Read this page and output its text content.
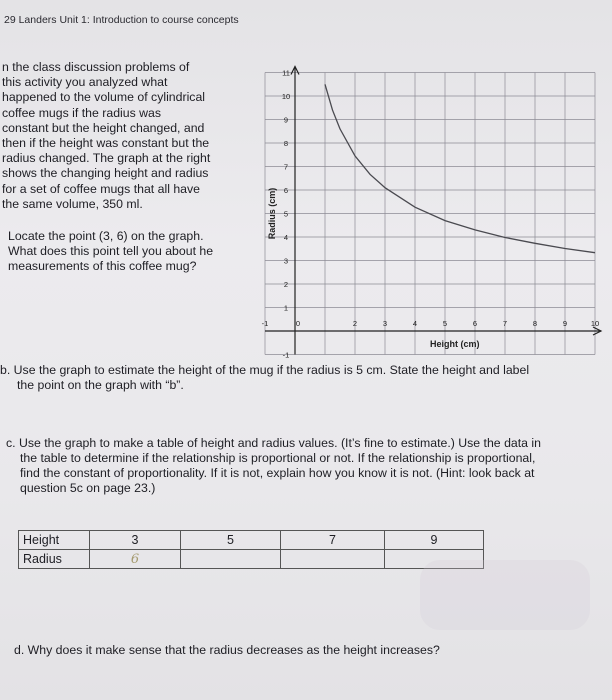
29 Landers Unit 1: Introduction to course concepts
n the class discussion problems of
this activity you analyzed what
happened to the volume of cylindrical
coffee mugs if the radius was
constant but the height changed, and
then if the height was constant but the
radius changed. The graph at the right
shows the changing height and radius
for a set of coffee mugs that all have
the same volume, 350 ml.
Locate the point (3, 6) on the graph.
What does this point tell you about he
measurements of this coffee mug?
-1	0	2	3	4	5	6	7	8	9	10
-1
1
2
3
4
5
6
7
8
9
10
11
Height (cm)
Radius (cm)
b. Use the graph to estimate the height of the mug if the radius is 5 cm. State the height and label
the point on the graph with “b”.
c. Use the graph to make a table of height and radius values. (It’s fine to estimate.) Use the data in
the table to determine if the relationship is proportional or not. If the relationship is proportional,
find the constant of proportionality. If it is not, explain how you know it is not. (Hint: look back at
question 5c on page 23.)
Height	3	5	7	9
Radius	6			
d. Why does it make sense that the radius decreases as the height increases?
